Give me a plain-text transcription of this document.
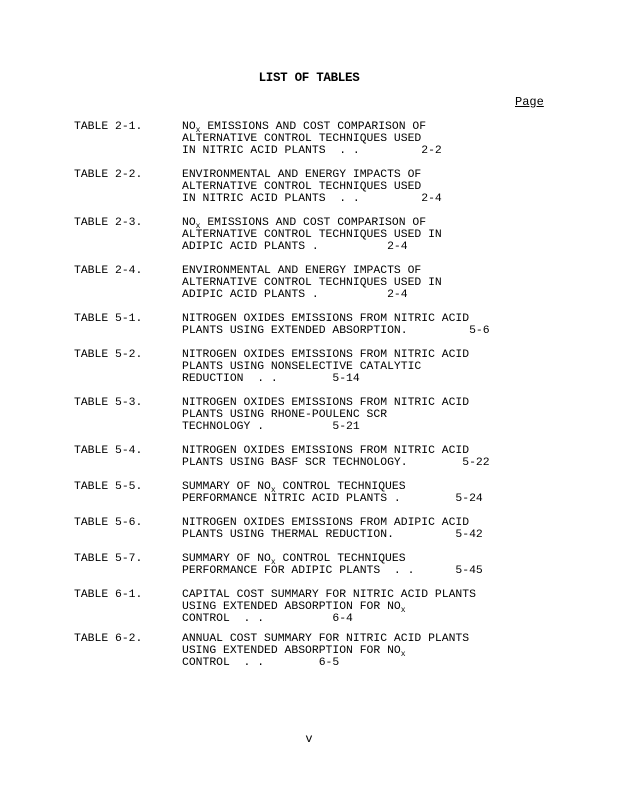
LIST OF TABLES
Page
TABLE 2-1.	$NO_x$ EMISSIONS AND COST COMPARISON OF
ALTERNATIVE CONTROL TECHNIQUES USED
IN NITRIC ACID PLANTS  . .         2-2
TABLE 2-2.	ENVIRONMENTAL AND ENERGY IMPACTS OF
ALTERNATIVE CONTROL TECHNIQUES USED
IN NITRIC ACID PLANTS  . .         2-4
TABLE 2-3.	$NO_x$ EMISSIONS AND COST COMPARISON OF
ALTERNATIVE CONTROL TECHNIQUES USED IN
ADIPIC ACID PLANTS .          2-4
TABLE 2-4.	ENVIRONMENTAL AND ENERGY IMPACTS OF
ALTERNATIVE CONTROL TECHNIQUES USED IN
ADIPIC ACID PLANTS .          2-4
TABLE 5-1.	NITROGEN OXIDES EMISSIONS FROM NITRIC ACID
PLANTS USING EXTENDED ABSORPTION.         5-6
TABLE 5-2.	NITROGEN OXIDES EMISSIONS FROM NITRIC ACID
PLANTS USING NONSELECTIVE CATALYTIC
REDUCTION  . .        5-14
TABLE 5-3.	NITROGEN OXIDES EMISSIONS FROM NITRIC ACID
PLANTS USING RHONE-POULENC SCR
TECHNOLOGY .          5-21
TABLE 5-4.	NITROGEN OXIDES EMISSIONS FROM NITRIC ACID
PLANTS USING BASF SCR TECHNOLOGY.        5-22
TABLE 5-5.	SUMMARY OF $NO_x$ CONTROL TECHNIQUES
PERFORMANCE NITRIC ACID PLANTS .        5-24
TABLE 5-6.	NITROGEN OXIDES EMISSIONS FROM ADIPIC ACID
PLANTS USING THERMAL REDUCTION.         5-42
TABLE 5-7.	SUMMARY OF $NO_x$ CONTROL TECHNIQUES
PERFORMANCE FOR ADIPIC PLANTS  . .      5-45
TABLE 6-1.	CAPITAL COST SUMMARY FOR NITRIC ACID PLANTS
USING EXTENDED ABSORPTION FOR $NO_x$
CONTROL  . .          6-4
TABLE 6-2.	ANNUAL COST SUMMARY FOR NITRIC ACID PLANTS
USING EXTENDED ABSORPTION FOR $NO_x$
CONTROL  . .        6-5
v
